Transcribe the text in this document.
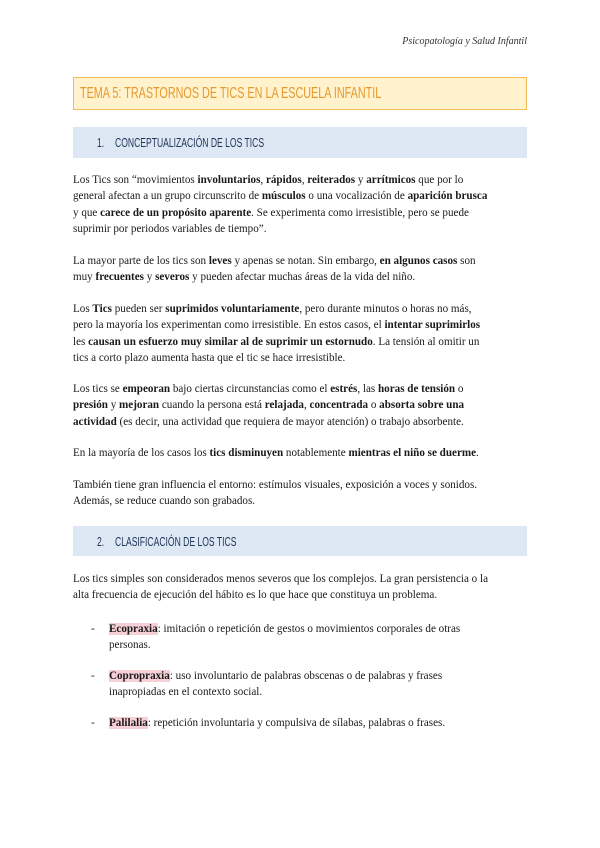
Psicopatología y Salud Infantil
TEMA 5: TRASTORNOS DE TICS EN LA ESCUELA INFANTIL
1. CONCEPTUALIZACIÓN DE LOS TICS
Los Tics son “movimientos involuntarios, rápidos, reiterados y arrítmicos que por lo
general afectan a un grupo circunscrito de músculos o una vocalización de aparición brusca
y que carece de un propósito aparente. Se experimenta como irresistible, pero se puede
suprimir por periodos variables de tiempo”.
La mayor parte de los tics son leves y apenas se notan. Sin embargo, en algunos casos son
muy frecuentes y severos y pueden afectar muchas áreas de la vida del niño.
Los Tics pueden ser suprimidos voluntariamente, pero durante minutos o horas no más,
pero la mayoría los experimentan como irresistible. En estos casos, el intentar suprimirlos
les causan un esfuerzo muy similar al de suprimir un estornudo. La tensión al omitir un
tics a corto plazo aumenta hasta que el tic se hace irresistible.
Los tics se empeoran bajo ciertas circunstancias como el estrés, las horas de tensión o
presión y mejoran cuando la persona está relajada, concentrada o absorta sobre una
actividad (es decir, una actividad que requiera de mayor atención) o trabajo absorbente.
En la mayoría de los casos los tics disminuyen notablemente mientras el niño se duerme.
También tiene gran influencia el entorno: estímulos visuales, exposición a voces y sonidos.
Además, se reduce cuando son grabados.
2. CLASIFICACIÓN DE LOS TICS
Los tics simples son considerados menos severos que los complejos. La gran persistencia o la
alta frecuencia de ejecución del hábito es lo que hace que constituya un problema.
- Ecopraxia: imitación o repetición de gestos o movimientos corporales de otras
personas.
- Copropraxia: uso involuntario de palabras obscenas o de palabras y frases
inapropiadas en el contexto social.
- Palilalia: repetición involuntaria y compulsiva de sílabas, palabras o frases.
